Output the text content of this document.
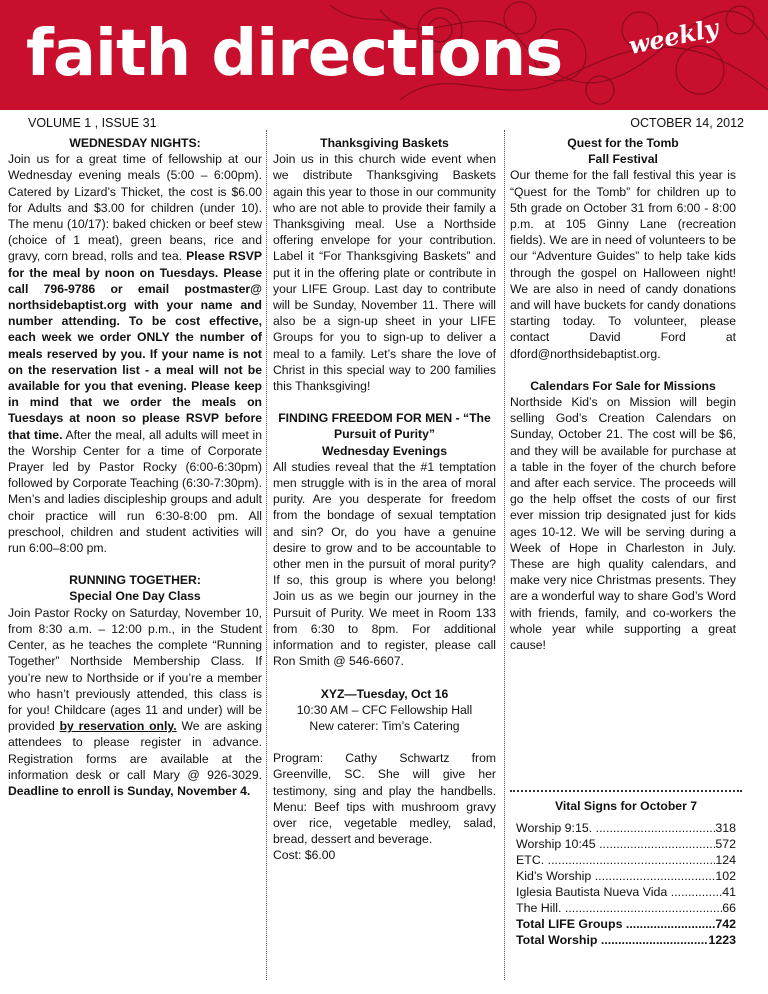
faith directions	weekly
VOLUME 1 , ISSUE 31	OCTOBER 14, 2012
WEDNESDAY NIGHTS:
Join us for a great time of fellowship at our Wednesday evening meals (5:00 – 6:00pm). Catered by Lizard’s Thicket, the cost is $6.00 for Adults and $3.00 for children (under 10). The menu (10/17): baked chicken or beef stew (choice of 1 meat), green beans, rice and gravy, corn bread, rolls and tea. Please RSVP for the meal by noon on Tuesdays. Please call 796-9786 or email postmaster@ northsidebaptist.org with your name and number attending. To be cost effective, each week we order ONLY the number of meals reserved by you. If your name is not on the reservation list - a meal will not be available for you that evening. Please keep in mind that we order the meals on Tuesdays at noon so please RSVP before that time. After the meal, all adults will meet in the Worship Center for a time of Corporate Prayer led by Pastor Rocky (6:00-6:30pm) followed by Corporate Teaching (6:30-7:30pm). Men’s and ladies discipleship groups and adult choir practice will run 6:30-8:00 pm. All preschool, children and student activities will run 6:00–8:00 pm.
RUNNING TOGETHER:
Special One Day Class
Join Pastor Rocky on Saturday, November 10, from 8:30 a.m. – 12:00 p.m., in the Student Center, as he teaches the complete “Running Together” Northside Membership Class. If you’re new to Northside or if you’re a member who hasn’t previously attended, this class is for you! Childcare (ages 11 and under) will be provided by reservation only. We are asking attendees to please register in advance. Registration forms are available at the information desk or call Mary @ 926-3029. Deadline to enroll is Sunday, November 4.
Thanksgiving Baskets
Join us in this church wide event when we distribute Thanksgiving Baskets again this year to those in our community who are not able to provide their family a Thanksgiving meal. Use a Northside offering envelope for your contribution. Label it “For Thanksgiving Baskets” and put it in the offering plate or contribute in your LIFE Group. Last day to contribute will be Sunday, November 11. There will also be a sign-up sheet in your LIFE Groups for you to sign-up to deliver a meal to a family. Let’s share the love of Christ in this special way to 200 families this Thanksgiving!
FINDING FREEDOM FOR MEN - “The Pursuit of Purity”
Wednesday Evenings
All studies reveal that the #1 temptation men struggle with is in the area of moral purity. Are you desperate for freedom from the bondage of sexual temptation and sin? Or, do you have a genuine desire to grow and to be accountable to other men in the pursuit of moral purity? If so, this group is where you belong! Join us as we begin our journey in the Pursuit of Purity. We meet in Room 133 from 6:30 to 8pm. For additional information and to register, please call Ron Smith @ 546-6607.
XYZ—Tuesday, Oct 16
10:30 AM – CFC Fellowship Hall
New caterer: Tim’s Catering
Program: Cathy Schwartz from Greenville, SC. She will give her testimony, sing and play the handbells. Menu: Beef tips with mushroom gravy over rice, vegetable medley, salad, bread, dessert and beverage.
Cost: $6.00
Quest for the Tomb
Fall Festival
Our theme for the fall festival this year is “Quest for the Tomb” for children up to 5th grade on October 31 from 6:00 - 8:00 p.m. at 105 Ginny Lane (recreation fields). We are in need of volunteers to be our “Adventure Guides” to help take kids through the gospel on Halloween night! We are also in need of candy donations and will have buckets for candy donations starting today. To volunteer, please contact David Ford at dford@northsidebaptist.org.
Calendars For Sale for Missions
Northside Kid’s on Mission will begin selling God’s Creation Calendars on Sunday, October 21. The cost will be $6, and they will be available for purchase at a table in the foyer of the church before and after each service. The proceeds will go the help offset the costs of our first ever mission trip designated just for kids ages 10-12. We will be serving during a Week of Hope in Charleston in July. These are high quality calendars, and make very nice Christmas presents. They are a wonderful way to share God’s Word with friends, family, and co-workers the whole year while supporting a great cause!
Vital Signs for October 7
Worship 9:15. .....	318
Worship 10:45 .....	572
ETC. .....	124
Kid’s Worship .....	102
Iglesia Bautista Nueva Vida .....	41
The Hill. .....	66
Total LIFE Groups .....	742
Total Worship .....	1223
